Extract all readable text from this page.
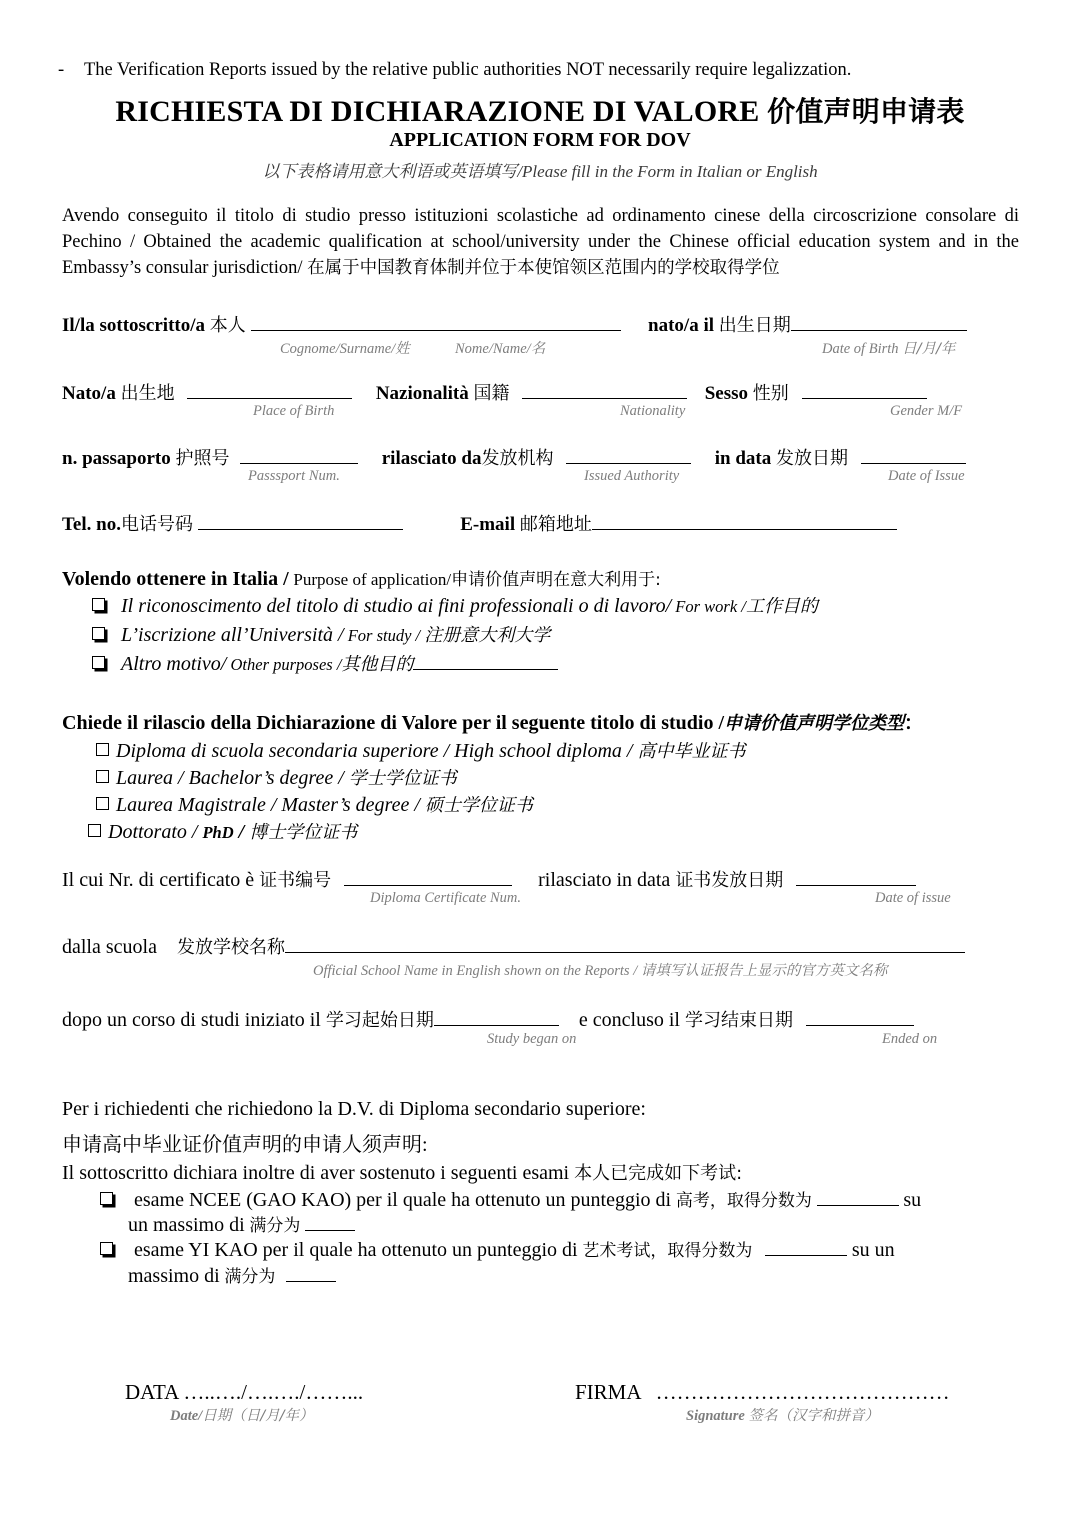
- The Verification Reports issued by the relative public authorities NOT necessarily require legalizzation.
RICHIESTA DI DICHIARAZIONE DI VALORE 价值声明申请表
APPLICATION FORM FOR DOV
以下表格请用意大利语或英语填写/Please fill in the Form in Italian or English
Avendo conseguito il titolo di studio presso istituzioni scolastiche ad ordinamento cinese della circoscrizione consolare di Pechino / Obtained the academic qualification at school/university under the Chinese official education system and in the Embassy’s consular jurisdiction/ 在属于中国教育体制并位于本使馆领区范围内的学校取得学位
Il/la sottoscritto/a 本人	nato/a il 出生日期
Cognome/Surname/姓	Nome/Name/名	Date of Birth 日/月/年
Nato/a 出生地	Nazionalità 国籍	Sesso 性别
Place of Birth	Nationality	Gender M/F
n. passaporto 护照号	rilasciato da发放机构	in data 发放日期
Passsport Num.	Issued Authority	Date of Issue
Tel. no.电话号码	E-mail 邮箱地址
Volendo ottenere in Italia / Purpose of application/申请价值声明在意大利用于:
Il riconoscimento del titolo di studio ai fini professionali o di lavoro/ For work /工作目的
L’iscrizione all’Università / For study / 注册意大利大学
Altro motivo/ Other purposes /其他目的
Chiede il rilascio della Dichiarazione di Valore per il seguente titolo di studio /申请价值声明学位类型：
Diploma di scuola secondaria superiore / High school diploma / 高中毕业证书
Laurea / Bachelor’s degree / 学士学位证书
Laurea Magistrale / Master’s degree / 硕士学位证书
Dottorato / PhD / 博士学位证书
Il cui Nr. di certificato è 证书编号	rilasciato in data 证书发放日期
Diploma Certificate Num.	Date of issue
dalla scuola 发放学校名称
Official School Name in English shown on the Reports / 请填写认证报告上显示的官方英文名称
dopo un corso di studi iniziato il 学习起始日期	e concluso il 学习结束日期
Study began on	Ended on
Per i richiedenti che richiedono la D.V. di Diploma secondario superiore:
申请高中毕业证价值声明的申请人须声明:
Il sottoscritto dichiara inoltre di aver sostenuto i seguenti esami 本人已完成如下考试:
esame NCEE (GAO KAO) per il quale ha ottenuto un punteggio di 高考，取得分数为	su
un massimo di 满分为
esame YI KAO per il quale ha ottenuto un punteggio di 艺术考试，取得分数为	su un
massimo di 满分为
DATA …..…./….…./……...
Date/日期（日/月/年）
FIRMA ……………………………………
Signature 签名（汉字和拼音）
